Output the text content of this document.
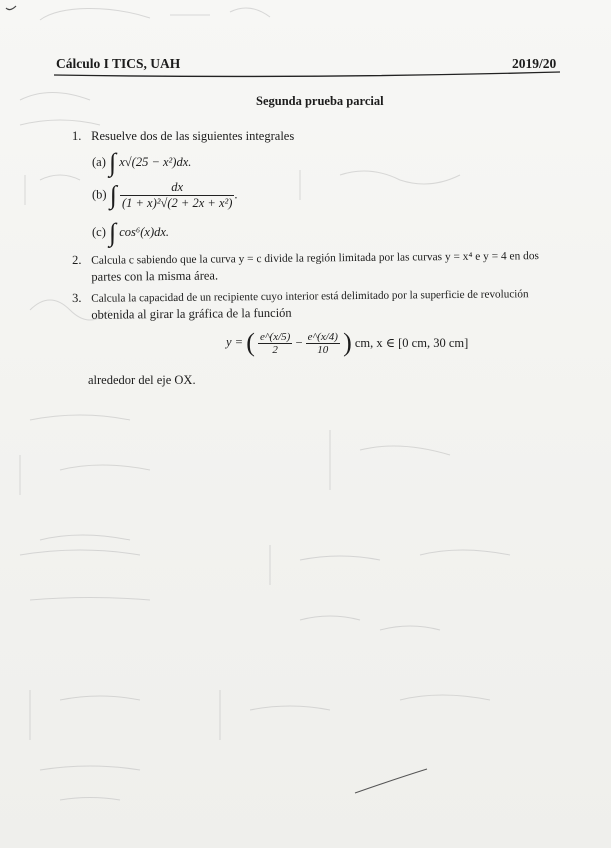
Cálculo I TICS, UAH	2019/20
Segunda prueba parcial
1. Resuelve dos de las siguientes integrales
(a) ∫ x√(25 − x²)dx.
(b) ∫ $\frac{dx}{\text{(1 + x)²√(2 + 2x + x²)}}$ .
(c) ∫ cos⁶(x)dx.
2. Calcula c sabiendo que la curva y = c divide la región limitada por las curvas y = x⁴ e y = 4 en dos
partes con la misma área.
3. Calcula la capacidad de un recipiente cuyo interior está delimitado por la superficie de revolución
obtenida al girar la gráfica de la función
y = ( $\frac{e\^{}(x/5)}{2} - \frac{e\^{}(x/4)}{10}$ ) cm, x ∈ [0 cm, 30 cm]
alrededor del eje OX.
